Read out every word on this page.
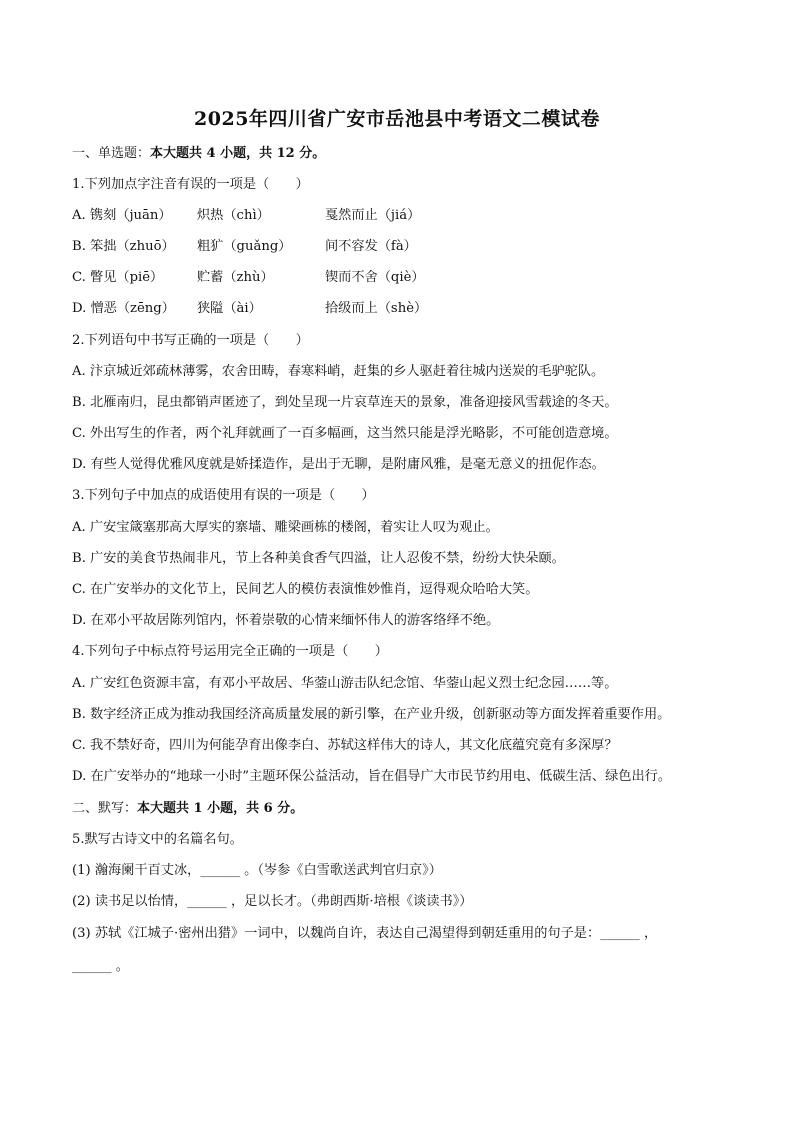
2025年四川省广安市岳池县中考语文二模试卷
一、单选题：本大题共 4 小题，共 12 分。
1.下列加点字注音有误的一项是（　　）
A. 镌刻（juān）	炽热（chì）	戛然而止（jiá）
B. 笨拙（zhuō）	粗犷（guǎng）	间不容发（fà）
C. 瞥见（piē）	贮蓄（zhù）	锲而不舍（qiè）
D. 憎恶（zēng）	狭隘（ài）	拾级而上（shè）
2.下列语句中书写正确的一项是（　　）
A. 汴京城近郊疏林薄雾，农舍田畴，春寒料峭，赶集的乡人驱赶着往城内送炭的毛驴驼队。
B. 北雁南归，昆虫都销声匿迹了，到处呈现一片哀草连天的景象，准备迎接风雪载途的冬天。
C. 外出写生的作者，两个礼拜就画了一百多幅画，这当然只能是浮光略影，不可能创造意境。
D. 有些人觉得优雅风度就是娇揉造作，是出于无聊，是附庸风雅，是毫无意义的扭伲作态。
3.下列句子中加点的成语使用有误的一项是（　　）
A. 广安宝箴塞那高大厚实的寨墙、雕梁画栋的楼阁，着实让人叹为观止。
B. 广安的美食节热闹非凡，节上各种美食香气四溢，让人忍俊不禁，纷纷大快朵颐。
C. 在广安举办的文化节上，民间艺人的模仿表演惟妙惟肖，逗得观众哈哈大笑。
D. 在邓小平故居陈列馆内，怀着崇敬的心情来缅怀伟人的游客络绎不绝。
4.下列句子中标点符号运用完全正确的一项是（　　）
A. 广安红色资源丰富，有邓小平故居、华蓥山游击队纪念馆、华蓥山起义烈士纪念园……等。
B. 数字经济正成为推动我国经济高质量发展的新引擎，在产业升级，创新驱动等方面发挥着重要作用。
C. 我不禁好奇，四川为何能孕育出像李白、苏轼这样伟大的诗人，其文化底蕴究竟有多深厚？
D. 在广安举办的“地球一小时”主题环保公益活动，旨在倡导广大市民节约用电、低碳生活、绿色出行。
二、默写：本大题共 1 小题，共 6 分。
5.默写古诗文中的名篇名句。
(1) 瀚海阑干百丈冰，______ 。（岑参《白雪歌送武判官归京》）
(2) 读书足以怡情，______ ，足以长才。（弗朗西斯·培根《谈读书》）
(3) 苏轼《江城子·密州出猎》一词中，以魏尚自许，表达自己渴望得到朝廷重用的句子是：______ ，
______ 。
